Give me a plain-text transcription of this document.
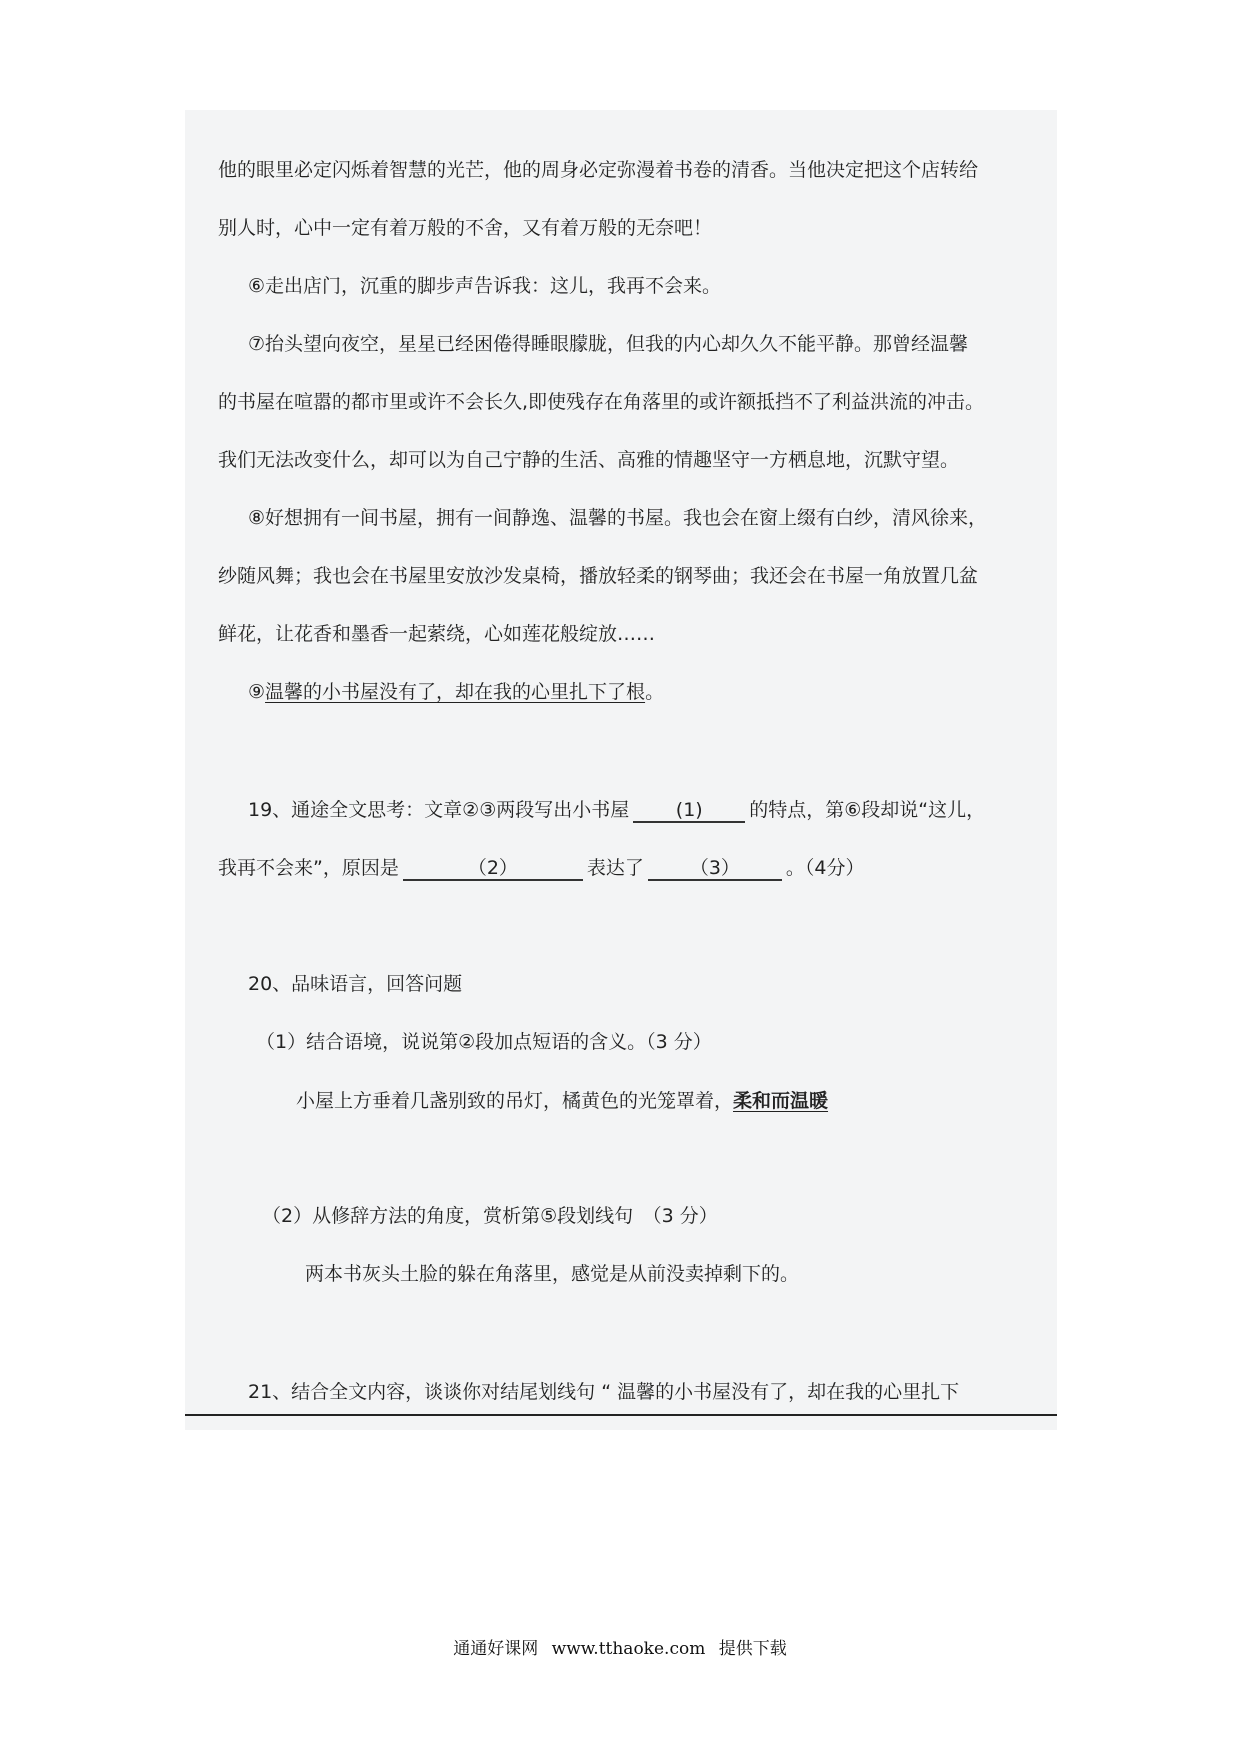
他的眼里必定闪烁着智慧的光芒，他的周身必定弥漫着书卷的清香。当他决定把这个店转给
别人时，心中一定有着万般的不舍，又有着万般的无奈吧！
⑥走出店门，沉重的脚步声告诉我：这儿，我再不会来。
⑦抬头望向夜空，星星已经困倦得睡眼朦胧，但我的内心却久久不能平静。那曾经温馨
的书屋在喧嚣的都市里或许不会长久,即使残存在角落里的或许额抵挡不了利益洪流的冲击。
我们无法改变什么，却可以为自己宁静的生活、高雅的情趣坚守一方栖息地，沉默守望。
⑧好想拥有一间书屋，拥有一间静逸、温馨的书屋。我也会在窗上缀有白纱，清风徐来，
纱随风舞；我也会在书屋里安放沙发桌椅，播放轻柔的钢琴曲；我还会在书屋一角放置几盆
鲜花，让花香和墨香一起萦绕，心如莲花般绽放……
⑨温馨的小书屋没有了，却在我的心里扎下了根。
19、通途全文思考：文章②③两段写出小书屋 (1) 的特点，第⑥段却说“这儿，
我再不会来”，原因是	（2）	表达了 （3） 。（4分）
20、品味语言，回答问题
（1）结合语境，说说第②段加点短语的含义。（3 分）
小屋上方垂着几盏别致的吊灯，橘黄色的光笼罩着，柔和而温暖
（2）从修辞方法的角度，赏析第⑤段划线句　（3 分）
两本书灰头土脸的躲在角落里，感觉是从前没卖掉剩下的。
21、结合全文内容，谈谈你对结尾划线句 “ 温馨的小书屋没有了，却在我的心里扎下
通通好课网 www.tthaoke.com 提供下载
